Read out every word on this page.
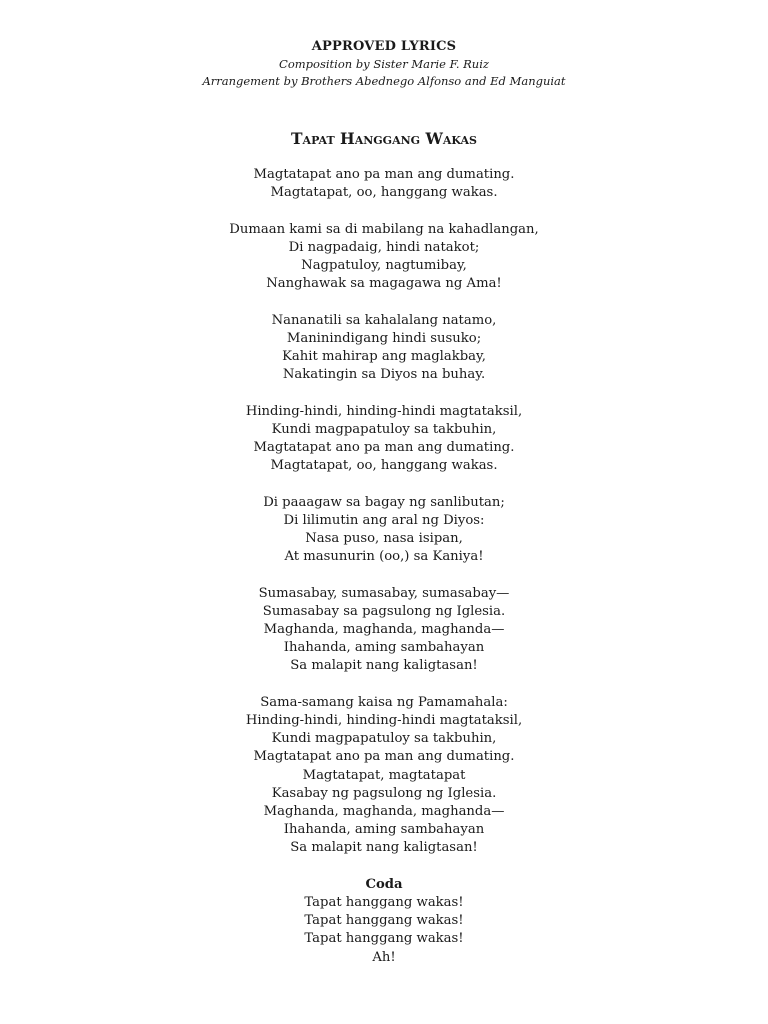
APPROVED LYRICS
Composition by Sister Marie F. Ruiz
Arrangement by Brothers Abednego Alfonso and Ed Manguiat
Tapat Hanggang Wakas
Magtatapat ano pa man ang dumating.
Magtatapat, oo, hanggang wakas.
Dumaan kami sa di mabilang na kahadlangan,
Di nagpadaig, hindi natakot;
Nagpatuloy, nagtumibay,
Nanghawak sa magagawa ng Ama!
Nananatili sa kahalalang natamo,
Maninindigang hindi susuko;
Kahit mahirap ang maglakbay,
Nakatingin sa Diyos na buhay.
Hinding-hindi, hinding-hindi magtataksil,
Kundi magpapatuloy sa takbuhin,
Magtatapat ano pa man ang dumating.
Magtatapat, oo, hanggang wakas.
Di paaagaw sa bagay ng sanlibutan;
Di lilimutin ang aral ng Diyos:
Nasa puso, nasa isipan,
At masunurin (oo,) sa Kaniya!
Sumasabay, sumasabay, sumasabay—
Sumasabay sa pagsulong ng Iglesia.
Maghanda, maghanda, maghanda—
Ihahanda, aming sambahayan
Sa malapit nang kaligtasan!
Sama-samang kaisa ng Pamamahala:
Hinding-hindi, hinding-hindi magtataksil,
Kundi magpapatuloy sa takbuhin,
Magtatapat ano pa man ang dumating.
Magtatapat, magtatapat
Kasabay ng pagsulong ng Iglesia.
Maghanda, maghanda, maghanda—
Ihahanda, aming sambahayan
Sa malapit nang kaligtasan!
Coda
Tapat hanggang wakas!
Tapat hanggang wakas!
Tapat hanggang wakas!
Ah!
